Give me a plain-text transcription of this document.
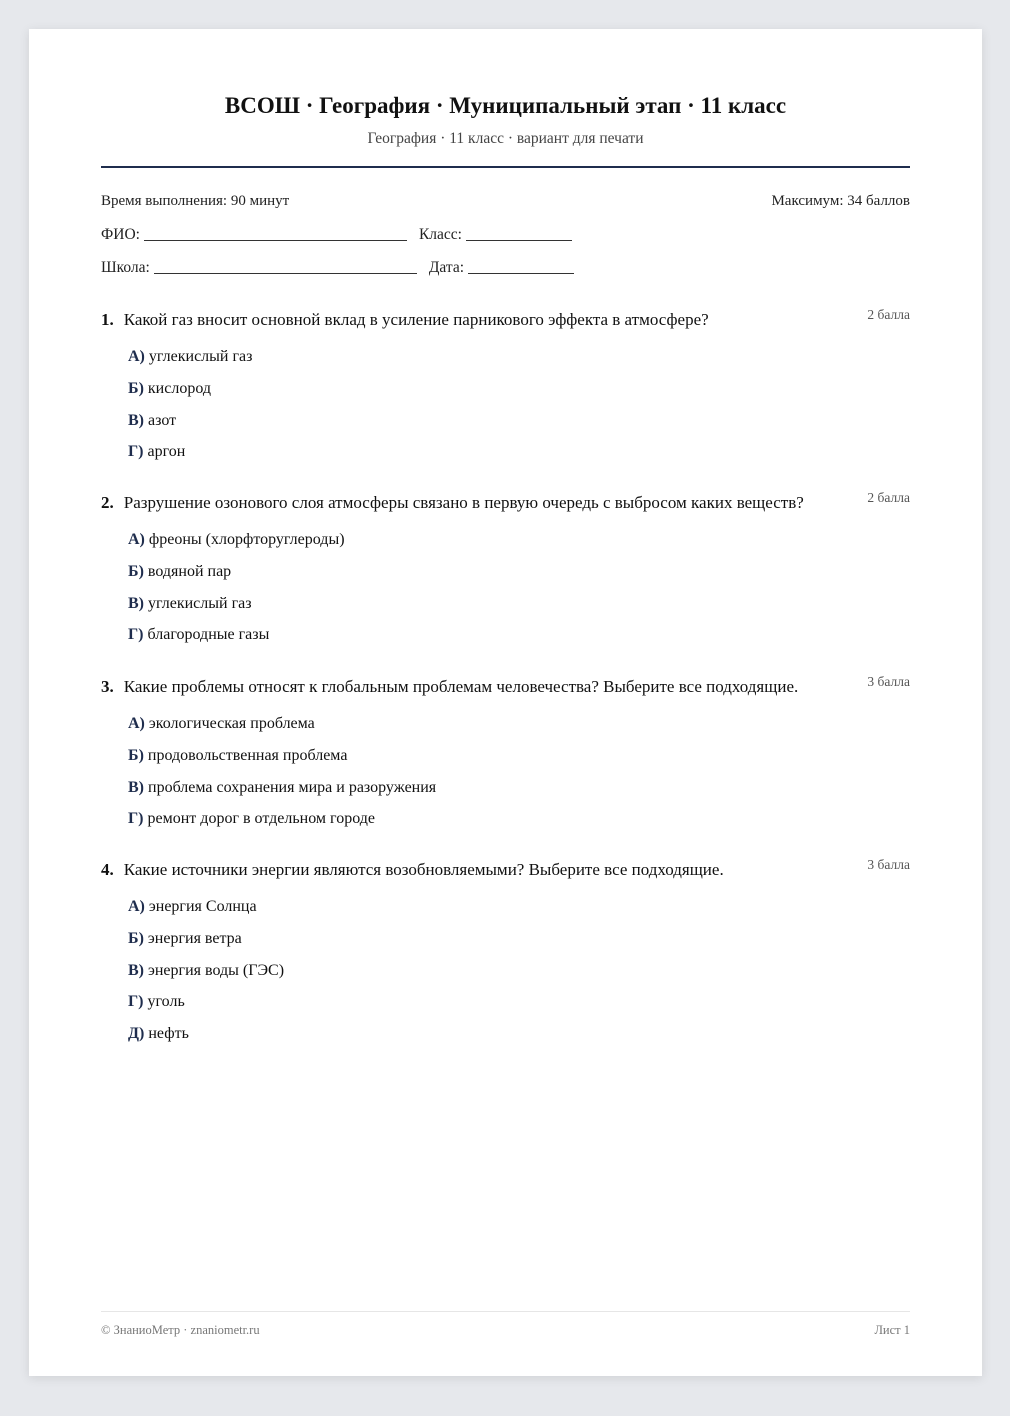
ВСОШ · География · Муниципальный этап · 11 класс
География · 11 класс · вариант для печати
Время выполнения: 90 минут	Максимум: 34 баллов
ФИО:	Класс:
Школа:	Дата:
1. Какой газ вносит основной вклад в усиление парникового эффекта в атмосфере?	2 балла
А) углекислый газ
Б) кислород
В) азот
Г) аргон
2. Разрушение озонового слоя атмосферы связано в первую очередь с выбросом каких веществ?	2 балла
А) фреоны (хлорфторуглероды)
Б) водяной пар
В) углекислый газ
Г) благородные газы
3. Какие проблемы относят к глобальным проблемам человечества? Выберите все подходящие.	3 балла
А) экологическая проблема
Б) продовольственная проблема
В) проблема сохранения мира и разоружения
Г) ремонт дорог в отдельном городе
4. Какие источники энергии являются возобновляемыми? Выберите все подходящие.	3 балла
А) энергия Солнца
Б) энергия ветра
В) энергия воды (ГЭС)
Г) уголь
Д) нефть
© ЗнаниоМетр · znaniometr.ru	Лист 1
